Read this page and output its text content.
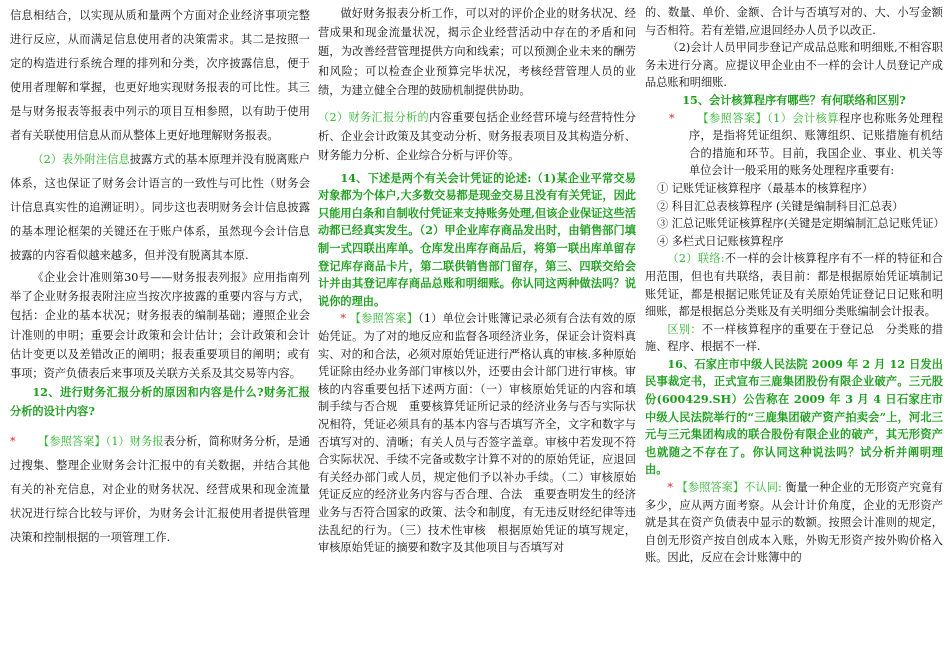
信息相结合，以实现从质和量两个方面对企业经济事项完整进行反应，从而满足信息使用者的决策需求。其二是按照一定的构造进行系统合理的排列和分类，次序披露信息，便于使用者理解和掌握，也更好地实现财务报表的可比性。其三是与财务报表等报表中列示的项目互相参照，以有助于使用者有关联使用信息从而从整体上更好地理解财务报表。

（2）表外附注信息披露方式的基本原理并没有脱离账户体系，这也保证了财务会计语言的一致性与可比性（财务会计信息真实性的追溯证明）。同步这也表明财务会计信息披露的基本理论框架的关键还在于账户体系，虽然现今会计信息披露的内容看似越来越多，但并没有脱离其本原.

《企业会计准则第30号——财务报表列报》应用指南列举了企业财务报表附注应当按次序披露的重要内容与方式，包括：企业的基本状况；财务报表的编制基础；遵照企业会计准则的申明；重要会计政策和会计估计；会计政策和会计估计变更以及差错改正的阐明；报表重要项目的阐明；或有事项；资产负债表后来事项及关联方关系及其交易等内容。

12、进行财务汇报分析的原因和内容是什么?财务汇报分析的设计内容?

*   【参照答案】（1）财务报表分析，简称财务分析，是通过搜集、整理企业财务会计汇报中的有关数据，并结合其他有关的补充信息，对企业的财务状况、经营成果和现金流量状况进行综合比较与评价，为财务会计汇报使用者提供管理决策和控制根据的一项管理工作.

做好财务报表分析工作，可以对的评价企业的财务状况、经营成果和现金流量状况，揭示企业经营活动中存在的矛盾和问题，为改善经营管理提供方向和线索；可以预测企业未来的酬劳和风险；可以检查企业预算完毕状况，考核经营管理人员的业绩，为建立健全合理的鼓励机制提供协助。

（2）财务汇报分析的内容重要包括企业经营环境与经营特性分析、企业会计政策及其变动分析、财务报表项目及其构造分析、财务能力分析、企业综合分析与评价等。

14、下述是两个有关会计凭证的论述:（1)某企业平常交易对象都为个体户,大多数交易都是现金交易且没有有关凭证，因此只能用白条和自制收付凭证来支持账务处理,但该企业保证这些活动都已经真实发生。（2）甲企业库存商品发出时，由销售部门填制一式四联出库单。仓库发出库存商品后，将第一联出库单留存登记库存商品卡片，第二联供销售部门留存，第三、四联交给会计并由其登记库存商品总账和明细账。你认同这两种做法吗？说说你的理由。

* 【参照答案】（1）单位会计账簿记录必须有合法有效的原始凭证。为了对的地反应和监督各项经济业务，保证会计资料真实、对的和合法，必须对原始凭证进行严格认真的审核.多种原始凭证除由经办业务部门审核以外，还要由会计部门进行审核。审核的内容重要包括下述两方面：（一）审核原始凭证的内容和填制手续与否合规　重要核算凭证所记录的经济业务与否与实际状况相符，凭证必须具有的基本内容与否填写齐全，文字和数字与否填写对的、清晰；有关人员与否签字盖章。审核中若发现不符合实际状况、手续不完备或数字计算不对的的原始凭证，应退回有关经办部门或人员，规定他们予以补办手续。（二）审核原始凭证反应的经济业务内容与否合理、合法　重要查明发生的经济业务与否符合国家的政策、法令和制度，有无违反财经纪律等违法乱纪的行为。（三）技术性审核　根据原始凭证的填写规定，审核原始凭证的摘要和数字及其他项目与否填写对

的、数量、单价、金额、合计与否填写对的、大、小写金额与否相符。若有差错,应退回经办人员予以改正.

（2)会计人员甲同步登记产成品总账和明细账,不相容职务未进行分离。应提议甲企业由不一样的会计人员登记产成品总账和明细账.

15、会计核算程序有哪些？有何联络和区别?

*   【参照答案】（1）会计核算程序也称账务处理程序，是指将凭证组织、账簿组织、记账措施有机结合的措施和环节。目前，我国企业、事业、机关等单位会计一般采用的账务处理程序重要有:

① 记账凭证核算程序（最基本的核算程序）

② 科目汇总表核算程序 (关键是编制科目汇总表）

③ 汇总记账凭证核算程序(关键是定期编制汇总记账凭证）

④ 多栏式日记账核算程序

（2）联络:不一样的会计核算程序有不一样的特征和合用范围，但也有共联络，表目前：都是根据原始凭证填制记账凭证，都是根据记账凭证及有关原始凭证登记日记账和明细账，都是根据总分类账及有关明细分类账编制会计报表。

区别：不一样核算程序的重要在于登记总　分类账的措施、程序、根据不一样.

16、石家庄市中级人民法院 2009 年 2 月 12 日发出民事裁定书，正式宣布三鹿集团股份有限企业破产。三元股份(600429.SH）公告称在 2009 年 3 月 4 日石家庄市中级人民法院举行的“三鹿集团破产资产拍卖会”上，河北三元与三元集团构成的联合股份有限企业的破产，其无形资产也就随之不存在了。你认同这种说法吗？试分析并阐明理由。

* 【参照答案】不认同: 衡量一种企业的无形资产究竟有多少，应从两方面考察。从会计计价角度，企业的无形资产就是其在资产负债表中显示的数额。按照会计准则的规定，自创无形资产按自创成本入账，外购无形资产按外购价格入账。因此，反应在会计账簿中的
